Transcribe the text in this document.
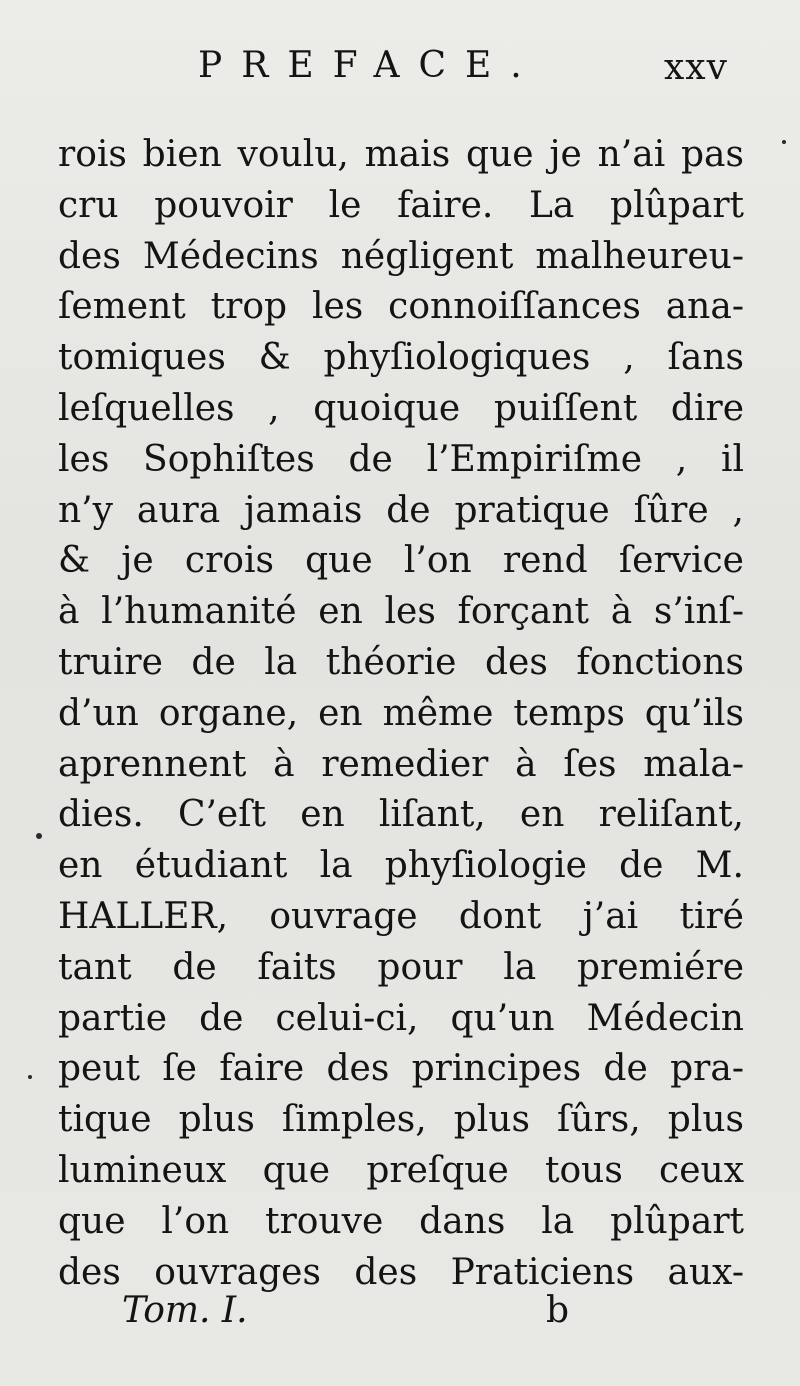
PREFACE.	xxv
rois bien voulu, mais que je n’ai pas
cru pouvoir le faire. La plûpart
des Médecins négligent malheureu-
ſement trop les connoiſſances ana-
tomiques & phyſiologiques , ſans
leſquelles , quoique puiſſent dire
les Sophiſtes de l’Empiriſme , il
n’y aura jamais de pratique ſûre ,
& je crois que l’on rend ſervice
à l’humanité en les forçant à s’inſ-
truire de la théorie des fonctions
d’un organe, en même temps qu’ils
aprennent à remedier à ſes mala-
dies. C’eſt en liſant, en reliſant,
en étudiant la phyſiologie de M.
HALLER, ouvrage dont j’ai tiré
tant de faits pour la premiére
partie de celui-ci, qu’un Médecin
peut ſe faire des principes de pra-
tique plus ſimples, plus ſûrs, plus
lumineux que preſque tous ceux
que l’on trouve dans la plûpart
des ouvrages des Praticiens aux-
Tom. I.	b
